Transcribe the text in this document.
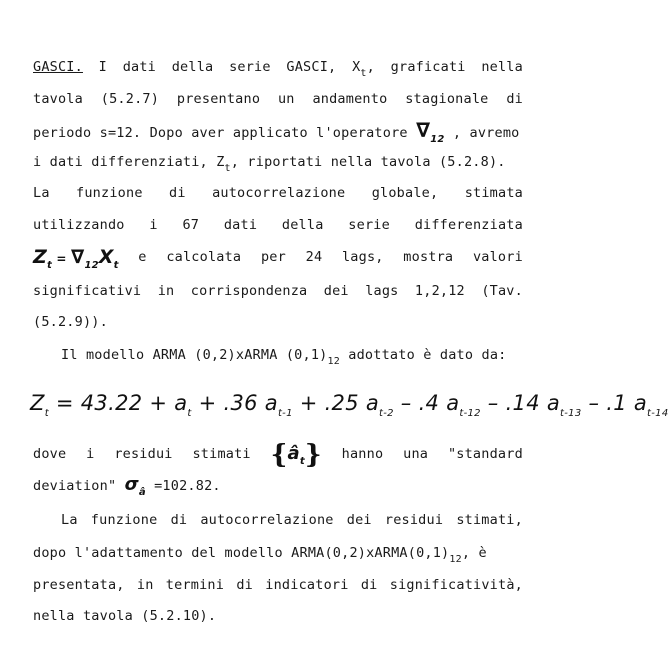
GASCI. I dati della serie GASCI, $X_t$, graficati nella
tavola (5.2.7) presentano un andamento stagionale di
periodo s=12. Dopo aver applicato l'operatore $\nabla_{12}$ , avremo
i dati differenziati, $Z_t$, riportati nella tavola (5.2.8).
La funzione di autocorrelazione globale, stimata
utilizzando i 67 dati della serie differenziata
$Z_t = \nabla_{12}X_t$
e calcolata per 24 lags, mostra valori
significativi in corrispondenza dei lags 1,2,12 (Tav.
(5.2.9)).
Il modello ARMA (0,2)xARMA $(0,1)_{12}$ adottato è dato da:
$Z_t = 43.22 + a_t + .36$ $a_{t-1} + .25$ $a_{t-2} - .4$ $a_{t-12} - .14$ $a_{t-13} - .1$ $a_{t-14}$
dove i residui stimati $\{â_t\}$ hanno una "standard
deviation" $\sigma_â =102.82$.
La funzione di autocorrelazione dei residui stimati,
dopo l'adattamento del modello $ARMA(0,2)xARMA(0,1)_{12}$, è
presentata, in termini di indicatori di significatività,
nella tavola (5.2.10).
